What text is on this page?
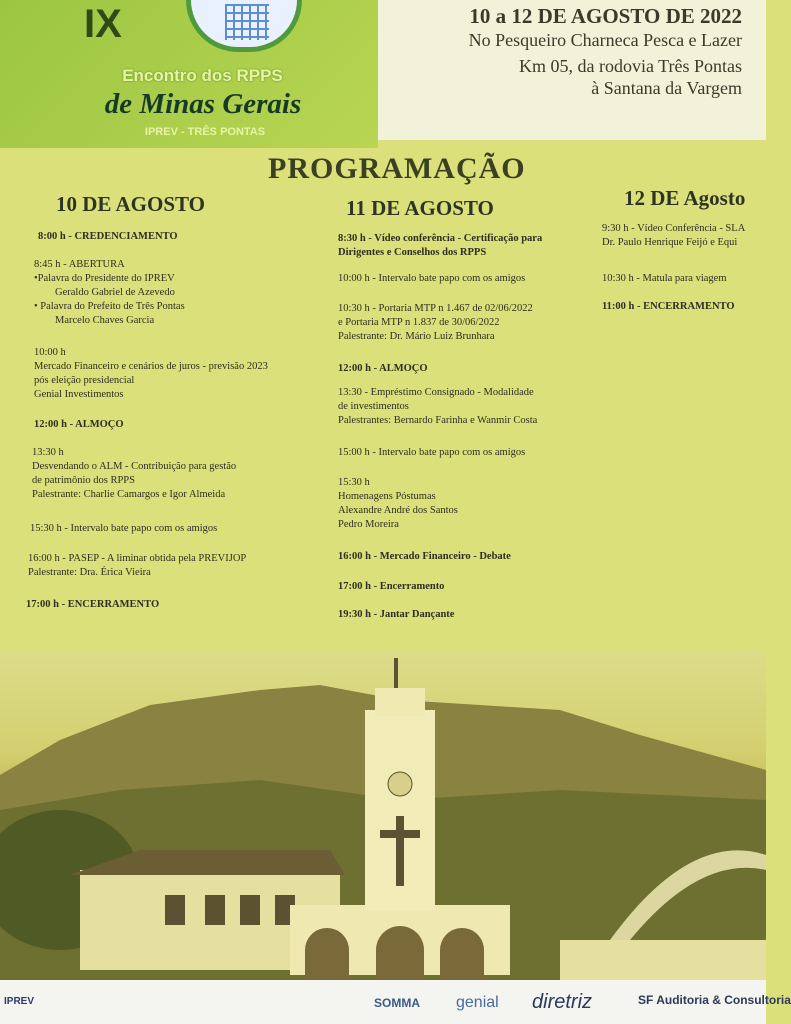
IX
Encontro dos RPPS
de Minas Gerais
IPREV - TRÊS PONTAS
10 a 12 DE AGOSTO DE 2022
No Pesqueiro Charneca Pesca e Lazer
Km 05, da rodovia Três Pontas
à Santana da Vargem
PROGRAMAÇÃO
10 DE AGOSTO	11 DE AGOSTO	12 DE Agosto
8:00 h - CREDENCIAMENTO
8:45 h - ABERTURA
•Palavra do Presidente do IPREV
Geraldo Gabriel de Azevedo
• Palavra do Prefeito de Três Pontas
Marcelo Chaves Garcia
10:00 h
Mercado Financeiro e cenários de juros - previsão 2023
pós eleição presidencial
Genial Investimentos
12:00 h - ALMOÇO
13:30 h
Desvendando o ALM - Contribuição para gestão
de patrimônio dos RPPS
Palestrante: Charlie Camargos e Igor Almeida
15:30 h - Intervalo bate papo com os amigos
16:00 h - PASEP - A liminar obtida pela PREVIJOP
Palestrante: Dra. Érica Vieira
17:00 h - ENCERRAMENTO
8:30 h - Vídeo conferência - Certificação para
Dirigentes e Conselhos dos RPPS
10:00 h - Intervalo bate papo com os amigos
10:30 h - Portaria MTP n 1.467 de 02/06/2022
e Portaria MTP n 1.837 de 30/06/2022
Palestrante: Dr. Mário Luiz Brunhara
12:00 h - ALMOÇO
13:30 - Empréstimo Consignado - Modalidade
de investimentos
Palestrantes: Bernardo Farinha e Wanmir Costa
15:00 h - Intervalo bate papo com os amigos
15:30 h
Homenagens Póstumas
Alexandre André dos Santos
Pedro Moreira
16:00 h - Mercado Financeiro - Debate
17:00 h - Encerramento
19:30 h - Jantar Dançante
9:30 h - Vídeo Conferência - SLA
Dr. Paulo Henrique Feijó e Equi
10:30 h - Matula para viagem
11:00 h - ENCERRAMENTO
IPREV	SOMMA genial diretriz	SF Auditoria & Consultoria
